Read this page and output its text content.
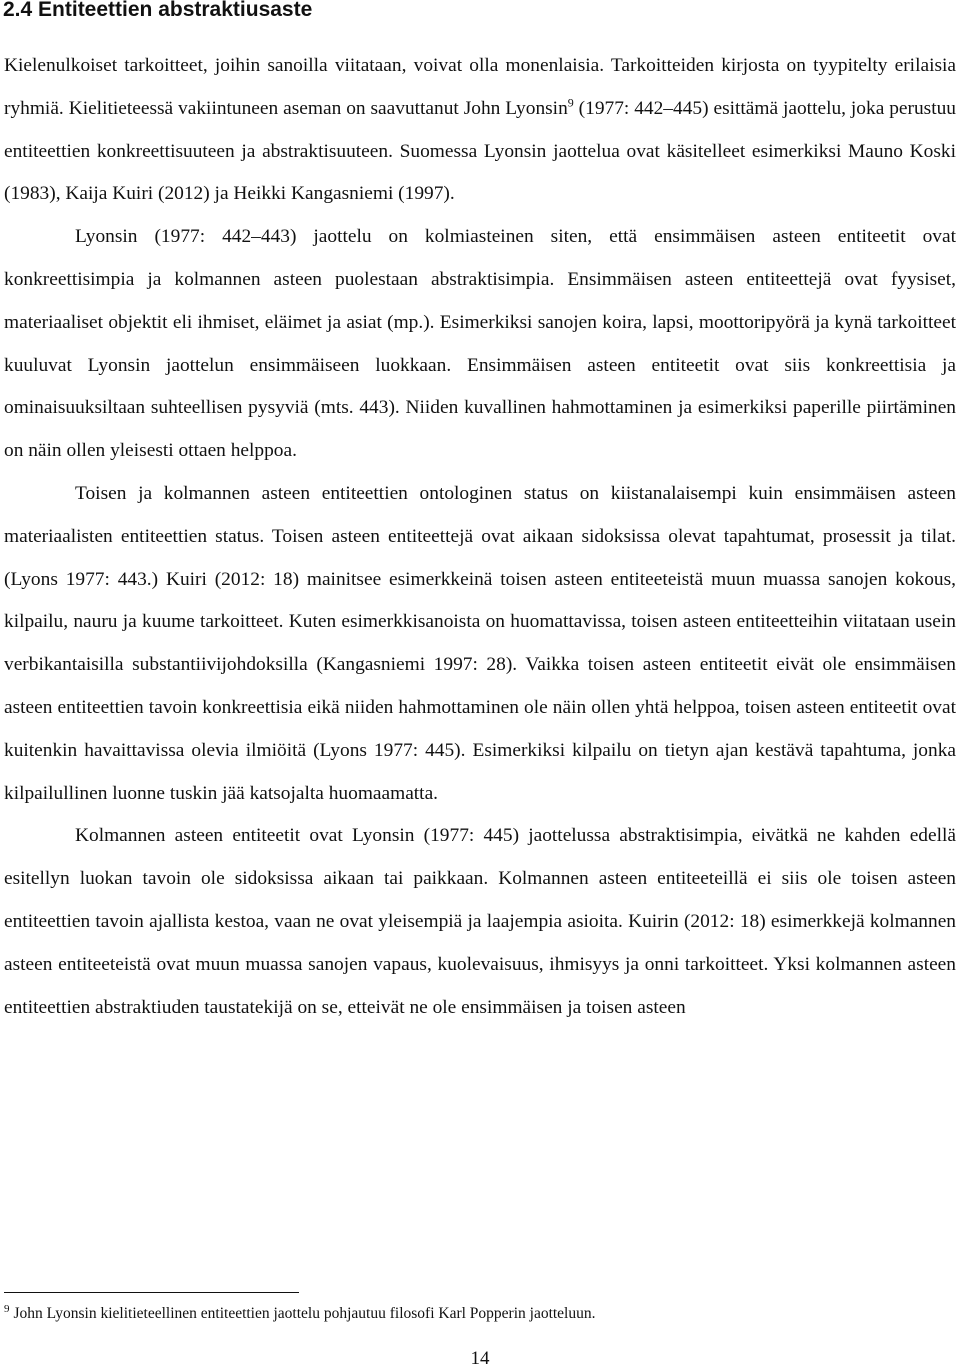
2.4 Entiteettien abstraktiusaste

Kielenulkoiset tarkoitteet, joihin sanoilla viitataan, voivat olla monenlaisia. Tarkoitteiden kirjosta on tyypitelty erilaisia ryhmiä. Kielitieteessä vakiintuneen aseman on saavuttanut John Lyonsin$^9$ (1977: 442–445) esittämä jaottelu, joka perustuu entiteettien konkreettisuuteen ja abstraktisuuteen. Suomessa Lyonsin jaottelua ovat käsitelleet esimerkiksi Mauno Koski (1983), Kaija Kuiri (2012) ja Heikki Kangasniemi (1997).

Lyonsin (1977: 442–443) jaottelu on kolmiasteinen siten, että ensimmäisen asteen entiteetit ovat konkreettisimpia ja kolmannen asteen puolestaan abstraktisimpia. Ensimmäisen asteen entiteettejä ovat fyysiset, materiaaliset objektit eli ihmiset, eläimet ja asiat (mp.). Esimerkiksi sanojen koira, lapsi, moottoripyörä ja kynä tarkoitteet kuuluvat Lyonsin jaottelun ensimmäiseen luokkaan. Ensimmäisen asteen entiteetit ovat siis konkreettisia ja ominaisuuksiltaan suhteellisen pysyviä (mts. 443). Niiden kuvallinen hahmottaminen ja esimerkiksi paperille piirtäminen on näin ollen yleisesti ottaen helppoa.

Toisen ja kolmannen asteen entiteettien ontologinen status on kiistanalaisempi kuin ensimmäisen asteen materiaalisten entiteettien status. Toisen asteen entiteettejä ovat aikaan sidoksissa olevat tapahtumat, prosessit ja tilat. (Lyons 1977: 443.) Kuiri (2012: 18) mainitsee esimerkkeinä toisen asteen entiteeteistä muun muassa sanojen kokous, kilpailu, nauru ja kuume tarkoitteet. Kuten esimerkkisanoista on huomattavissa, toisen asteen entiteetteihin viitataan usein verbikantaisilla substantiivijohdoksilla (Kangasniemi 1997: 28). Vaikka toisen asteen entiteetit eivät ole ensimmäisen asteen entiteettien tavoin konkreettisia eikä niiden hahmottaminen ole näin ollen yhtä helppoa, toisen asteen entiteetit ovat kuitenkin havaittavissa olevia ilmiöitä (Lyons 1977: 445). Esimerkiksi kilpailu on tietyn ajan kestävä tapahtuma, jonka kilpailullinen luonne tuskin jää katsojalta huomaamatta.

Kolmannen asteen entiteetit ovat Lyonsin (1977: 445) jaottelussa abstraktisimpia, eivätkä ne kahden edellä esitellyn luokan tavoin ole sidoksissa aikaan tai paikkaan. Kolmannen asteen entiteeteillä ei siis ole toisen asteen entiteettien tavoin ajallista kestoa, vaan ne ovat yleisempiä ja laajempia asioita. Kuirin (2012: 18) esimerkkejä kolmannen asteen entiteeteistä ovat muun muassa sanojen vapaus, kuolevaisuus, ihmisyys ja onni tarkoitteet. Yksi kolmannen asteen entiteettien abstraktiuden taustatekijä on se, etteivät ne ole ensimmäisen ja toisen asteen

$^9$ John Lyonsin kielitieteellinen entiteettien jaottelu pohjautuu filosofi Karl Popperin jaotteluun.
14
